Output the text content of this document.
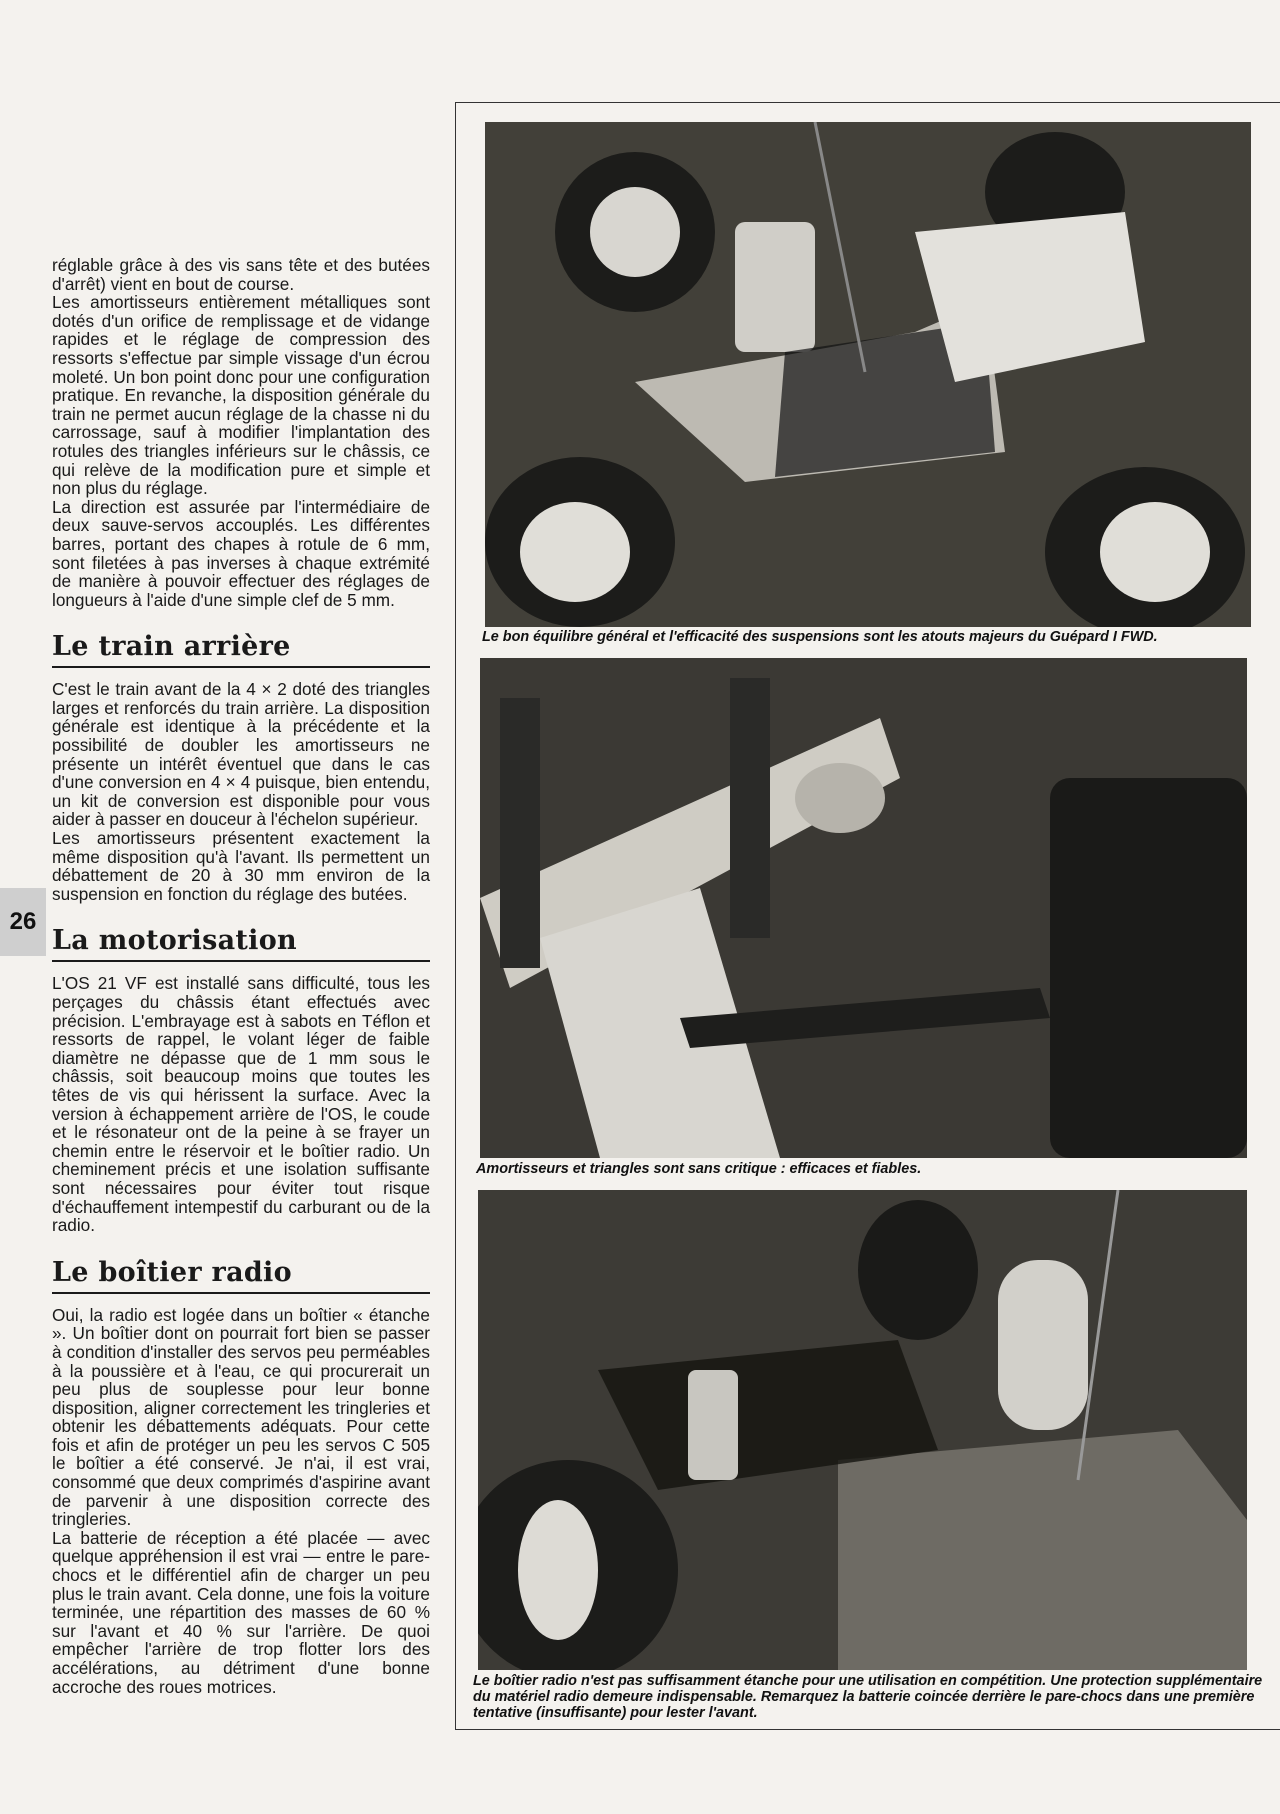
26

réglable grâce à des vis sans tête et des butées d'arrêt) vient en bout de course.

Les amortisseurs entièrement métalliques sont dotés d'un orifice de remplissage et de vidange rapides et le réglage de compression des ressorts s'effectue par simple vissage d'un écrou moleté. Un bon point donc pour une configuration pratique. En revanche, la disposition générale du train ne permet aucun réglage de la chasse ni du carrossage, sauf à modifier l'implantation des rotules des triangles inférieurs sur le châssis, ce qui relève de la modification pure et simple et non plus du réglage.

La direction est assurée par l'intermédiaire de deux sauve-servos accouplés. Les différentes barres, portant des chapes à rotule de 6 mm, sont filetées à pas inverses à chaque extrémité de manière à pouvoir effectuer des réglages de longueurs à l'aide d'une simple clef de 5 mm.

Le train arrière

C'est le train avant de la 4 × 2 doté des triangles larges et renforcés du train arrière. La disposition générale est identique à la précédente et la possibilité de doubler les amortisseurs ne présente un intérêt éventuel que dans le cas d'une conversion en 4 × 4 puisque, bien entendu, un kit de conversion est disponible pour vous aider à passer en douceur à l'échelon supérieur.

Les amortisseurs présentent exactement la même disposition qu'à l'avant. Ils permettent un débattement de 20 à 30 mm environ de la suspension en fonction du réglage des butées.

La motorisation

L'OS 21 VF est installé sans difficulté, tous les perçages du châssis étant effectués avec précision. L'embrayage est à sabots en Téflon et ressorts de rappel, le volant léger de faible diamètre ne dépasse que de 1 mm sous le châssis, soit beaucoup moins que toutes les têtes de vis qui hérissent la surface. Avec la version à échappement arrière de l'OS, le coude et le résonateur ont de la peine à se frayer un chemin entre le réservoir et le boîtier radio. Un cheminement précis et une isolation suffisante sont nécessaires pour éviter tout risque d'échauffement intempestif du carburant ou de la radio.

Le boîtier radio

Oui, la radio est logée dans un boîtier « étanche ». Un boîtier dont on pourrait fort bien se passer à condition d'installer des servos peu perméables à la poussière et à l'eau, ce qui procurerait un peu plus de souplesse pour leur bonne disposition, aligner correctement les tringleries et obtenir les débattements adéquats. Pour cette fois et afin de protéger un peu les servos C 505 le boîtier a été conservé. Je n'ai, il est vrai, consommé que deux comprimés d'aspirine avant de parvenir à une disposition correcte des tringleries.

La batterie de réception a été placée — avec quelque appréhension il est vrai — entre le pare-chocs et le différentiel afin de charger un peu plus le train avant. Cela donne, une fois la voiture terminée, une répartition des masses de 60 % sur l'avant et 40 % sur l'arrière. De quoi empêcher l'arrière de trop flotter lors des accélérations, au détriment d'une bonne accroche des roues motrices.

Le bon équilibre général et l'efficacité des suspensions sont les atouts majeurs du Guépard I FWD.
Amortisseurs et triangles sont sans critique : efficaces et fiables.
Le boîtier radio n'est pas suffisamment étanche pour une utilisation en compétition. Une protection supplémentaire du matériel radio demeure indispensable. Remarquez la batterie coincée derrière le pare-chocs dans une première tentative (insuffisante) pour lester l'avant.
